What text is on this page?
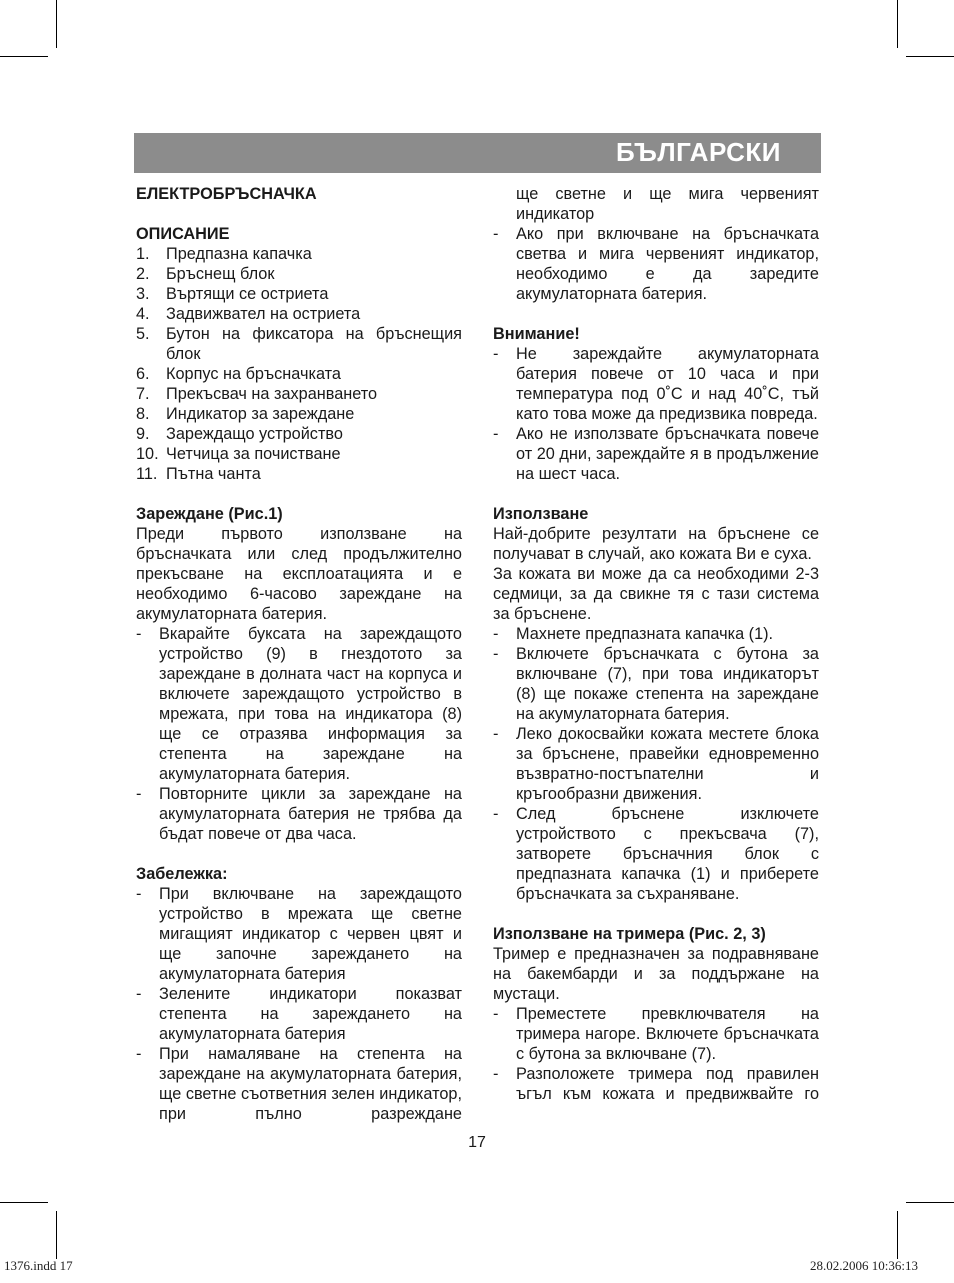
БЪЛГАРСКИ

ЕЛЕКТРОБРЪСНАЧКА

ОПИСАНИЕ

1.	Предпазна капачка
2.	Бръснещ блок
3.	Въртящи се остриета
4.	Задвижвател на остриета
5.	Бутон на фиксатора на бръснещия блок
6.	Корпус на бръсначката
7.	Прекъсвач на захранването
8.	Индикатор за зареждане
9.	Зареждащо устройство
10. Четчица за почистване
11. Пътна чанта

Зареждане (Рис.1)

Преди първото използване на бръсначката или след продължително прекъсване на експлоатацията и е необходимо 6-часово зареждане на акумулаторната батерия.

-	Вкарайте буксата на зареждащото устройство (9) в гнездотото за зареждане в долната част на корпуса и включете зареждащото устройство в мрежата, при това на индикатора (8) ще се отразява информация за степента на зареждане на акумулаторната батерия.
-	Повторните цикли за зареждане на акумулаторната батерия не трябва да бъдат повече от два часа.

Забележка:

-	При включване на зареждащото устройство в мрежата ще светне мигащият индикатор с червен цвят и ще започне зареждането на акумулаторната батерия
-	Зелените индикатори показват степента на зареждането на акумулаторната батерия
-	При намаляване на степента на зареждане на акумулаторната батерия, ще светне съответния зелен индикатор, при пълно разреждане

ще светне и ще мига червеният индикатор

-	Ако при включване на бръсначката светва и мига червеният индикатор, необходимо е да заредите акумулаторната батерия.

Внимание!

-	Не зареждайте акумулаторната батерия повече от 10 часа и при температура под 0˚С и над 40˚С, тъй като това може да предизвика повреда.
-	Ако не използвате бръсначката повече от 20 дни, зареждайте я в продължение на шест часа.

Използване

Най-добрите резултати на бръснене се получават в случай, ако кожата Ви е суха.

За кожата ви може да са необходими 2-3 седмици, за да свикне тя с тази система за бръснене.

-	Махнете предпазната капачка (1).
-	Включете бръсначката с бутона за включване (7), при това индикаторът (8) ще покаже степента на зареждане на акумулаторната батерия.
-	Леко докосвайки кожата местете блока за бръснене, правейки едновременно възвратно-постъпателни и кръгообразни движения.
-	След бръснене изключете устройството с прекъсвача (7), затворете бръсначния блок с предпазната капачка (1) и приберете бръсначката за съхраняване.

Използване на тримера (Рис. 2, 3)

Тример е предназначен за подравняване на бакембарди и за поддържане на мустаци.

-	Преместете превключвателя на тримера нагоре. Включете бръсначката с бутона за включване (7).
-	Разположете тримера под правилен ъгъл към кожата и предвижвайте го
17
1376.indd 17	28.02.2006 10:36:13
